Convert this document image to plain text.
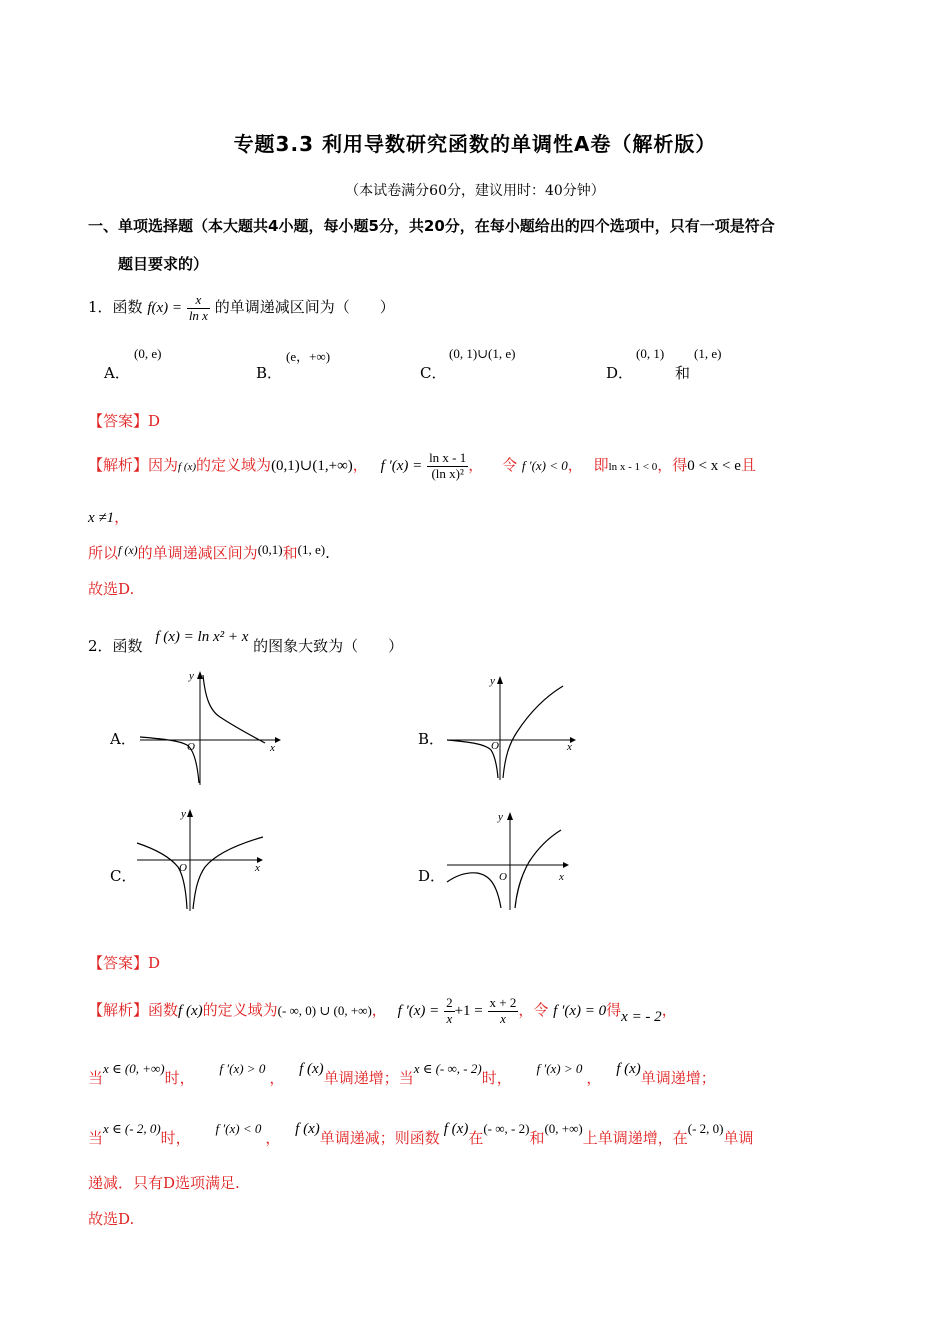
专题3.3 利用导数研究函数的单调性A卷（解析版）
（本试卷满分60分，建议用时：40分钟）
一、单项选择题（本大题共4小题，每小题5分，共20分，在每小题给出的四个选项中，只有一项是符合
题目要求的）
1．函数 $f(x) = \frac{x}{\text{ln x}}$ 的单调递减区间为（　　）
A．
(0, e)
B．
(e，+∞)
C．
(0, 1)∪(1, e)
D．
(0, 1)
和
(1, e)
【答案】D
【解析】因为f (x)的定义域为(0,1)∪(1,+∞)， f $'(x) = \frac{\text{ln x - 1}}{\text{(ln x)²}}$ ， 令 f ′(x) < 0， 即ln x - 1 < 0，得0 < x < e且
x ≠1，
所以$^{f (x)}$的单调递减区间为(0,1)和(1, e).
故选D.
2．函数 f (x) = ln x² + x 的图象大致为（　　）
A．	B．
C．	D．
x
y
O	x
y
O
x
y
O
x
y
O
【答案】D
【解析】函数f (x)的定义域为(- ∞, 0) ∪ (0, +∞)， f $'(x) = \frac{2}{x} +1 = \frac{x + 2}{x}$ ，令 f ′(x) = 0得x = - 2，
当x ∈ (0, +∞)时， f ′(x) > 0， f (x)单调递增；当x ∈ (- ∞, - 2)时， f ′(x) > 0， f (x)单调递增；
当x ∈ (- 2, 0)时， f ′(x) < 0， f (x)单调递减；则函数 f (x)在(- ∞, - 2)和(0, +∞)上单调递增，在(- 2, 0)单调
递减．只有D选项满足.
故选D.
